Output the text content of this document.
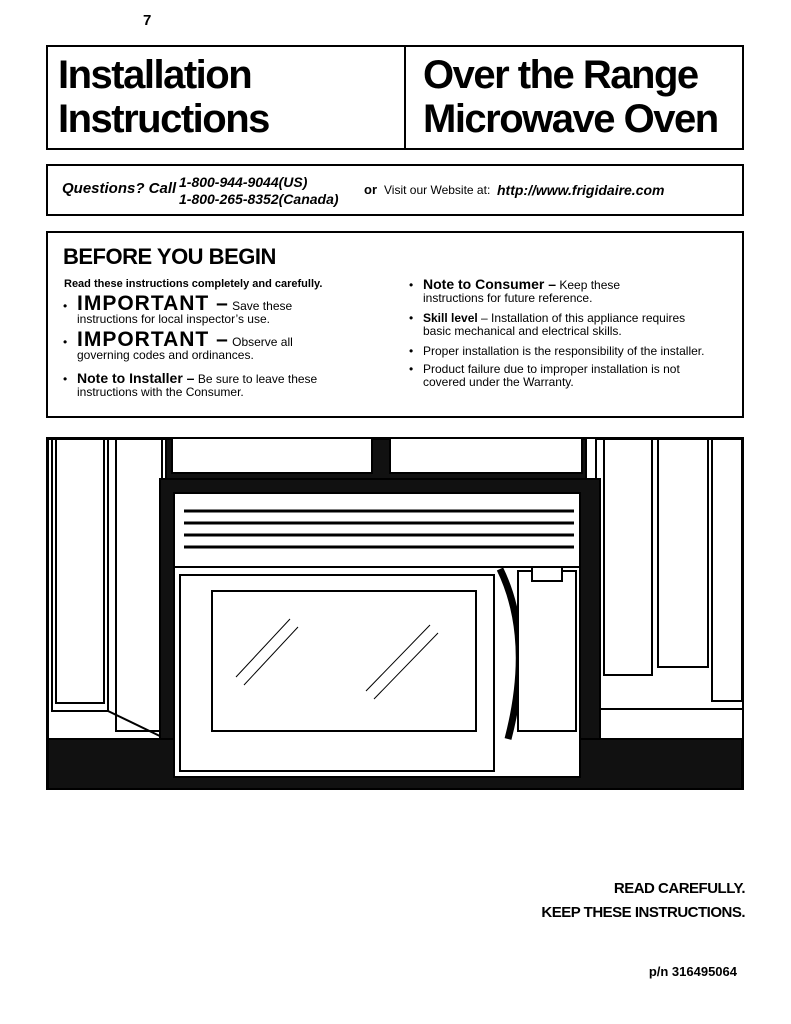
7
Installation
Instructions
Over the Range
Microwave Oven
Questions? Call 1-800-944-9044(US)
1-800-265-8352(Canada)
or Visit our Website at: http://www.frigidaire.com
BEFORE YOU BEGIN
Read these instructions completely and carefully.
• IMPORTANT – Save these
instructions for local inspector’s use.
• IMPORTANT – Observe all
governing codes and ordinances.
• Note to Installer – Be sure to leave these
instructions with the Consumer.
• Note to Consumer – Keep these
instructions for future reference.
• Skill level – Installation of this appliance requires
basic mechanical and electrical skills.
• Proper installation is the responsibility of the installer.
• Product failure due to improper installation is not
covered under the Warranty.
READ CAREFULLY.
KEEP THESE INSTRUCTIONS.
p/n 316495064
